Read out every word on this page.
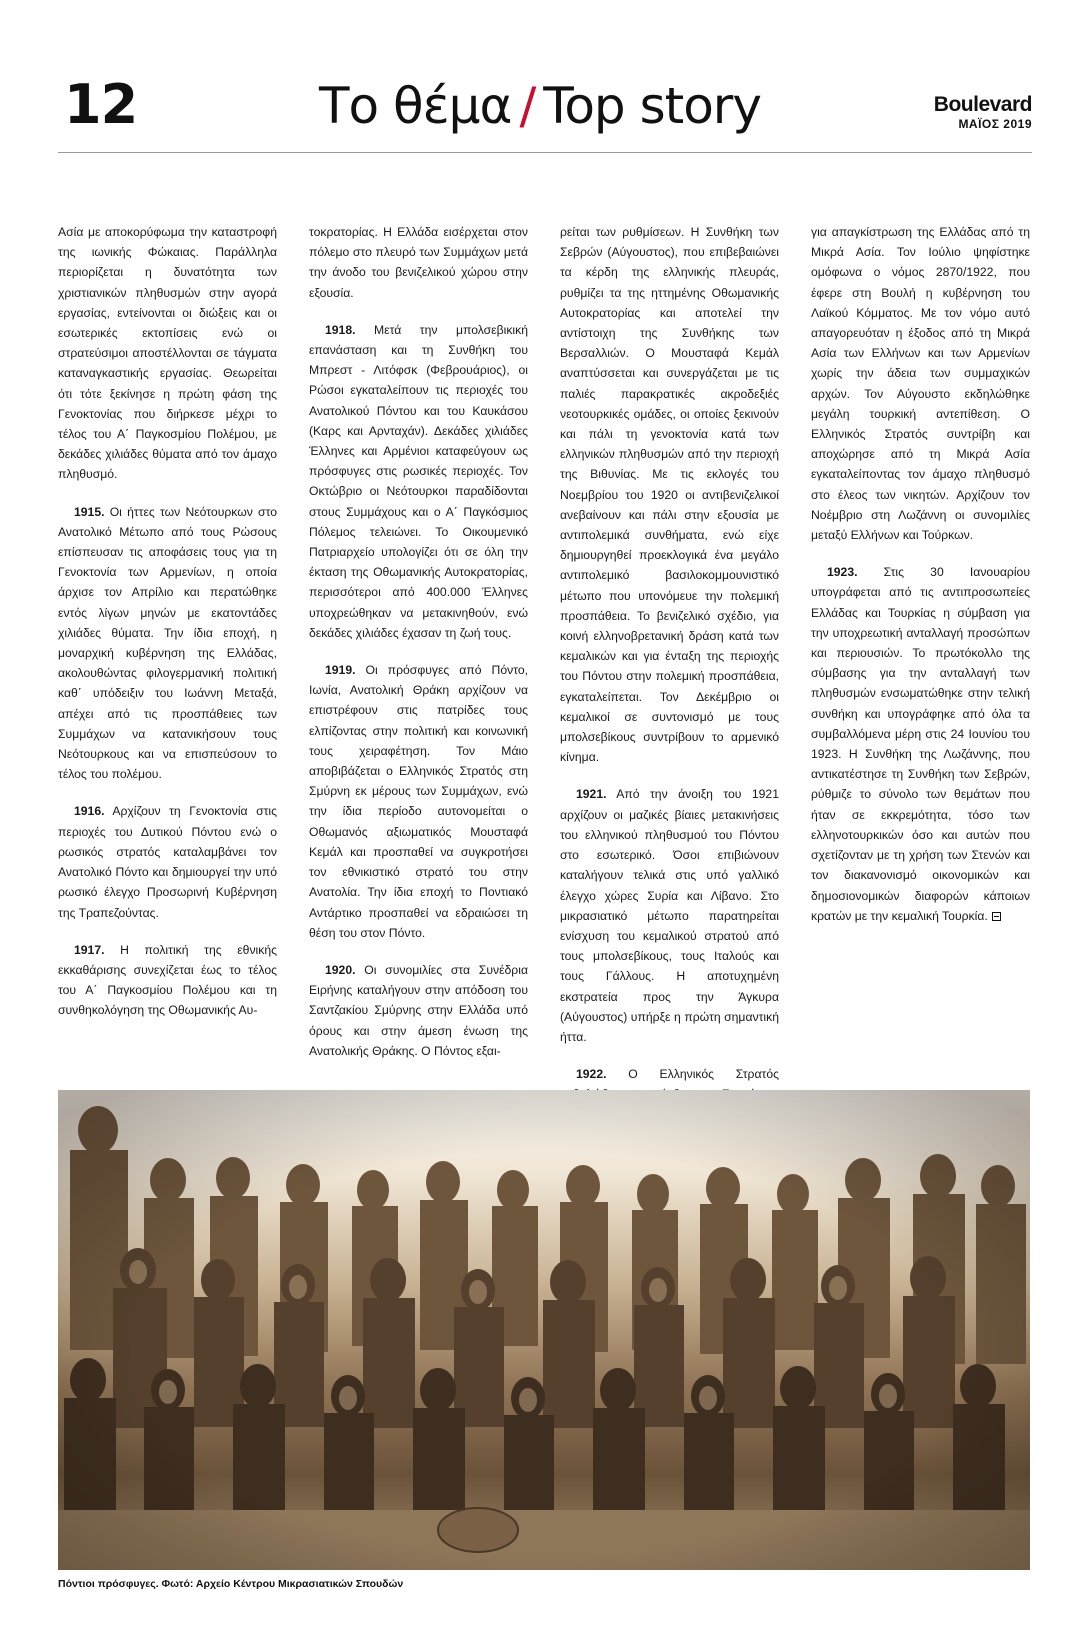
12	Το θέμα / Top story	Boulevard
ΜΑΪΟΣ 2019

Ασία με αποκορύφωμα την καταστροφή της ιωνικής Φώκαιας. Παράλληλα περιορίζεται η δυνατότητα των χριστιανικών πληθυσμών στην αγορά εργασίας, εντείνονται οι διώξεις και οι εσωτερικές εκτοπίσεις ενώ οι στρατεύσιμοι αποστέλλονται σε τάγματα καταναγκαστικής εργασίας. Θεωρείται ότι τότε ξεκίνησε η πρώτη φάση της Γενοκτονίας που διήρκεσε μέχρι το τέλος του Α΄ Παγκοσμίου Πολέμου, με δεκάδες χιλιάδες θύματα από τον άμαχο πληθυσμό.

1915. Οι ήττες των Νεότουρκων στο Ανατολικό Μέτωπο από τους Ρώσους επίσπευσαν τις αποφάσεις τους για τη Γενοκτονία των Αρμενίων, η οποία άρχισε τον Απρίλιο και περατώθηκε εντός λίγων μηνών με εκατοντάδες χιλιάδες θύματα. Την ίδια εποχή, η μοναρχική κυβέρνηση της Ελλάδας, ακολουθώντας φιλογερμανική πολιτική καθ΄ υπόδειξιν του Ιωάννη Μεταξά, απέχει από τις προσπάθειες των Συμμάχων να κατανικήσουν τους Νεότουρκους και να επισπεύσουν το τέλος του πολέμου.

1916. Αρχίζουν τη Γενοκτονία στις περιοχές του Δυτικού Πόντου ενώ ο ρωσικός στρατός καταλαμβάνει τον Ανατολικό Πόντο και δημιουργεί την υπό ρωσικό έλεγχο Προσωρινή Κυβέρνηση της Τραπεζούντας.

1917. Η πολιτική της εθνικής εκκαθάρισης συνεχίζεται έως το τέλος του Α΄ Παγκοσμίου Πολέμου και τη συνθηκολόγηση της Οθωμανικής Αυ-

τοκρατορίας. Η Ελλάδα εισέρχεται στον πόλεμο στο πλευρό των Συμμάχων μετά την άνοδο του βενιζελικού χώρου στην εξουσία.

1918. Μετά την μπολσεβικική επανάσταση και τη Συνθήκη του Μπρεστ - Λιτόφσκ (Φεβρουάριος), οι Ρώσοι εγκαταλείπουν τις περιοχές του Ανατολικού Πόντου και του Καυκάσου (Καρς και Αρνταχάν). Δεκάδες χιλιάδες Έλληνες και Αρμένιοι καταφεύγουν ως πρόσφυγες στις ρωσικές περιοχές. Τον Οκτώβριο οι Νεότουρκοι παραδίδονται στους Συμμάχους και ο Α΄ Παγκόσμιος Πόλεμος τελειώνει. Το Οικουμενικό Πατριαρχείο υπολογίζει ότι σε όλη την έκταση της Οθωμανικής Αυτοκρατορίας, περισσότεροι από 400.000 Έλληνες υποχρεώθηκαν να μετακινηθούν, ενώ δεκάδες χιλιάδες έχασαν τη ζωή τους.

1919. Οι πρόσφυγες από Πόντο, Ιωνία, Ανατολική Θράκη αρχίζουν να επιστρέφουν στις πατρίδες τους ελπίζοντας στην πολιτική και κοινωνική τους χειραφέτηση. Τον Μάιο αποβιβάζεται ο Ελληνικός Στρατός στη Σμύρνη εκ μέρους των Συμμάχων, ενώ την ίδια περίοδο αυτονομείται ο Οθωμανός αξιωματικός Μουσταφά Κεμάλ και προσπαθεί να συγκροτήσει τον εθνικιστικό στρατό του στην Ανατολία. Την ίδια εποχή το Ποντιακό Αντάρτικο προσπαθεί να εδραιώσει τη θέση του στον Πόντο.

1920. Οι συνομιλίες στα Συνέδρια Ειρήνης καταλήγουν στην απόδοση του Σαντζακίου Σμύρνης στην Ελλάδα υπό όρους και στην άμεση ένωση της Ανατολικής Θράκης. Ο Πόντος εξαι-

ρείται των ρυθμίσεων. Η Συνθήκη των Σεβρών (Αύγουστος), που επιβεβαιώνει τα κέρδη της ελληνικής πλευράς, ρυθμίζει τα της ηττημένης Οθωμανικής Αυτοκρατορίας και αποτελεί την αντίστοιχη της Συνθήκης των Βερσαλλιών. Ο Μουσταφά Κεμάλ αναπτύσσεται και συνεργάζεται με τις παλιές παρακρατικές ακροδεξιές νεοτουρκικές ομάδες, οι οποίες ξεκινούν και πάλι τη γενοκτονία κατά των ελληνικών πληθυσμών από την περιοχή της Βιθυνίας. Με τις εκλογές του Νοεμβρίου του 1920 οι αντιβενιζελικοί ανεβαίνουν και πάλι στην εξουσία με αντιπολεμικά συνθήματα, ενώ είχε δημιουργηθεί προεκλογικά ένα μεγάλο αντιπολεμικό βασιλοκομμουνιστικό μέτωπο που υπονόμευε την πολεμική προσπάθεια. Το βενιζελικό σχέδιο, για κοινή ελληνοβρετανική δράση κατά των κεμαλικών και για ένταξη της περιοχής του Πόντου στην πολεμική προσπάθεια, εγκαταλείπεται. Τον Δεκέμβριο οι κεμαλικοί σε συντονισμό με τους μπολσεβίκους συντρίβουν το αρμενικό κίνημα.

1921. Από την άνοιξη του 1921 αρχίζουν οι μαζικές βίαιες μετακινήσεις του ελληνικού πληθυσμού του Πόντου στο εσωτερικό. Όσοι επιβιώνουν καταλήγουν τελικά στις υπό γαλλικό έλεγχο χώρες Συρία και Λίβανο. Στο μικρασιατικό μέτωπο παρατηρείται ενίσχυση του κεμαλικού στρατού από τους μπολσεβίκους, τους Ιταλούς και τους Γάλλους. Η αποτυχημένη εκστρατεία προς την Άγκυρα (Αύγουστος) υπήρξε η πρώτη σημαντική ήττα.

1922. Ο Ελληνικός Στρατός

για απαγκίστρωση της Ελλάδας από τη Μικρά Ασία. Τον Ιούλιο ψηφίστηκε ομόφωνα ο νόμος 2870/1922, που έφερε στη Βουλή η κυβέρνηση του Λαϊκού Κόμματος. Με τον νόμο αυτό απαγορευόταν η έξοδος από τη Μικρά Ασία των Ελλήνων και των Αρμενίων χωρίς την άδεια των συμμαχικών αρχών. Τον Αύγουστο εκδηλώθηκε μεγάλη τουρκική αντεπίθεση. Ο Ελληνικός Στρατός συντρίβη και αποχώρησε από τη Μικρά Ασία εγκαταλείποντας τον άμαχο πληθυσμό στο έλεος των νικητών. Αρχίζουν τον Νοέμβριο στη Λωζάννη οι συνομιλίες μεταξύ Ελλήνων και Τούρκων.

1923. Στις 30 Ιανουαρίου υπογράφεται από τις αντιπροσωπείες Ελλάδας και Τουρκίας η σύμβαση για την υποχρεωτική ανταλλαγή προσώπων και περιουσιών. Το πρωτόκολλο της σύμβασης για την ανταλλαγή των πληθυσμών ενσωματώθηκε στην τελική συνθήκη και υπογράφηκε από όλα τα συμβαλλόμενα μέρη στις 24 Ιουνίου του 1923. Η Συνθήκη της Λωζάννης, που αντικατέστησε τη Συνθήκη των Σεβρών, ρύθμιζε το σύνολο των θεμάτων που ήταν σε εκκρεμότητα, τόσο των ελληνοτουρκικών όσο και αυτών που σχετίζονταν με τη χρήση των Στενών και τον διακανονισμό οικονομικών και δημοσιονομικών διαφορών κάποιων κρατών με την κεμαλική Τουρκία.

Πόντιοι πρόσφυγες. Φωτό: Αρχείο Κέντρου Μικρασιατικών Σπουδών
